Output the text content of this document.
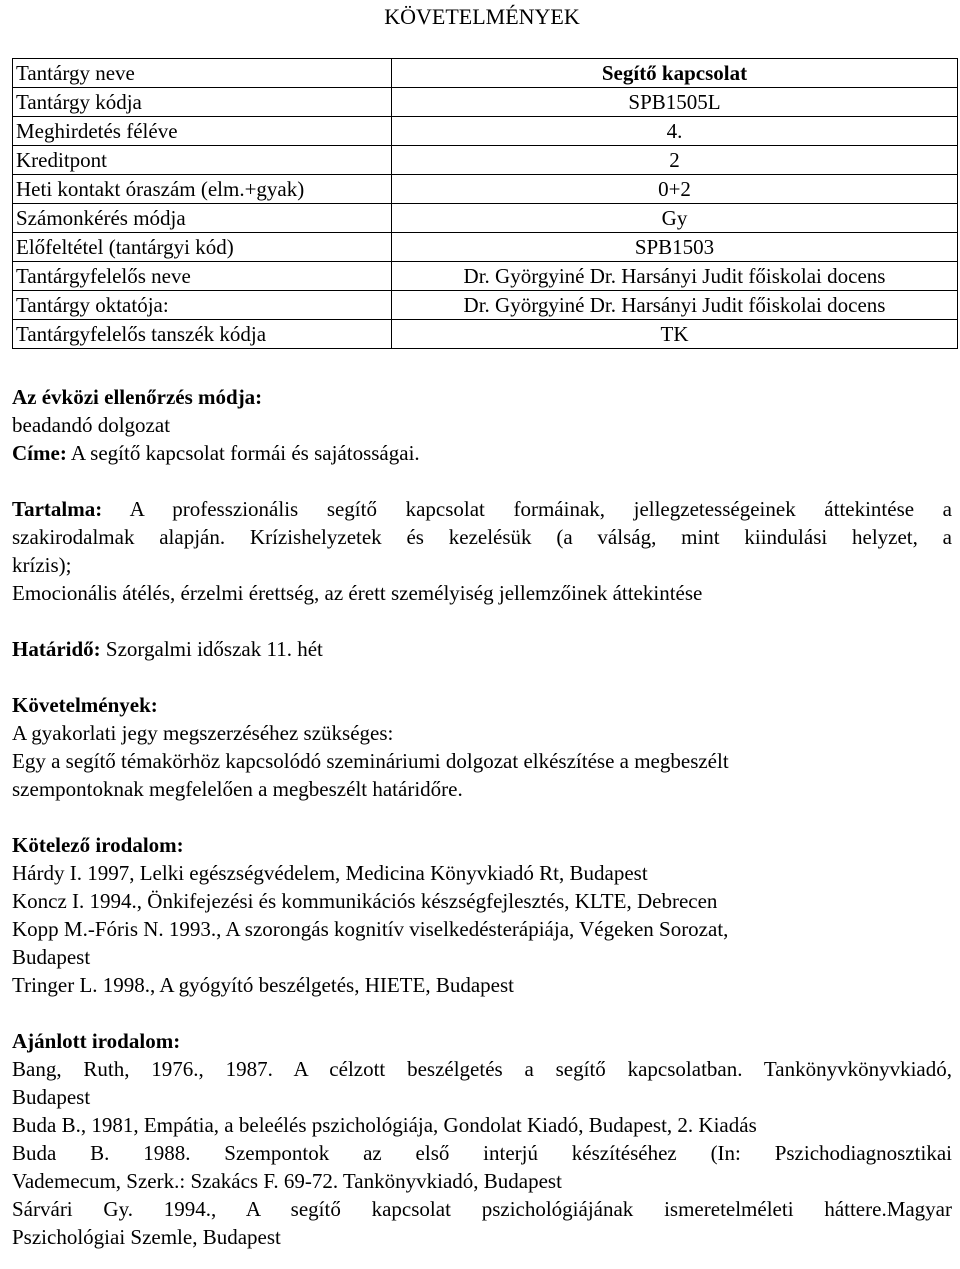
KÖVETELMÉNYEK
Tantárgy neve	Segítő kapcsolat
Tantárgy kódja	SPB1505L
Meghirdetés féléve	4.
Kreditpont	2
Heti kontakt óraszám (elm.+gyak)	0+2
Számonkérés módja	Gy
Előfeltétel (tantárgyi kód)	SPB1503
Tantárgyfelelős neve	Dr. Györgyiné Dr. Harsányi Judit főiskolai docens
Tantárgy oktatója:	Dr. Györgyiné Dr. Harsányi Judit főiskolai docens
Tantárgyfelelős tanszék kódja	TK

Az évközi ellenőrzés módja:

beadandó dolgozat

Címe: A segítő kapcsolat formái és sajátosságai.

Tartalma: A professzionális segítő kapcsolat formáinak, jellegzetességeinek áttekintése a

szakirodalmak alapján. Krízishelyzetek és kezelésük (a válság, mint kiindulási helyzet, a

krízis);

Emocionális átélés, érzelmi érettség, az érett személyiség jellemzőinek áttekintése

Határidő: Szorgalmi időszak 11. hét

Követelmények:

A gyakorlati jegy megszerzéséhez szükséges:

Egy a segítő témakörhöz kapcsolódó szemináriumi dolgozat elkészítése a megbeszélt

szempontoknak megfelelően a megbeszélt határidőre.

Kötelező irodalom:

Hárdy I. 1997, Lelki egészségvédelem, Medicina Könyvkiadó Rt, Budapest

Koncz I. 1994., Önkifejezési és kommunikációs készségfejlesztés, KLTE, Debrecen

Kopp M.-Fóris N. 1993., A szorongás kognitív viselkedésterápiája, Végeken Sorozat,

Budapest

Tringer L. 1998., A gyógyító beszélgetés, HIETE, Budapest

Ajánlott irodalom:

Bang, Ruth, 1976., 1987. A célzott beszélgetés a segítő kapcsolatban. Tankönyvkönyvkiadó,

Budapest

Buda B., 1981, Empátia, a beleélés pszichológiája, Gondolat Kiadó, Budapest, 2. Kiadás

Buda B. 1988. Szempontok az első interjú készítéséhez (In: Pszichodiagnosztikai

Vademecum, Szerk.: Szakács F. 69-72. Tankönyvkiadó, Budapest

Sárvári Gy. 1994., A segítő kapcsolat pszichológiájának ismeretelméleti háttere.Magyar

Pszichológiai Szemle, Budapest
